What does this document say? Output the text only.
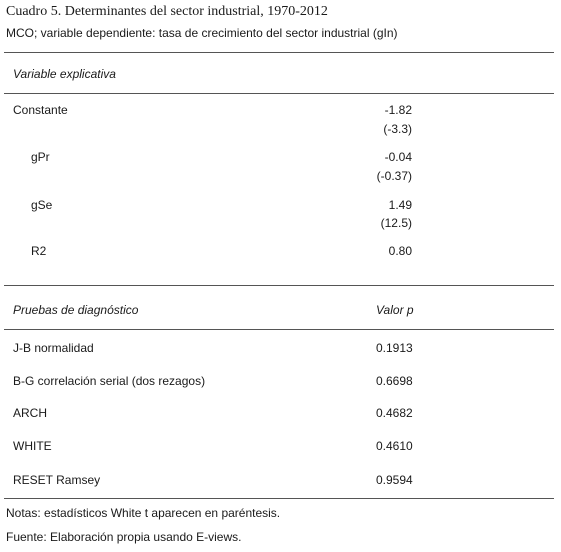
Cuadro 5. Determinantes del sector industrial, 1970-2012
MCO; variable dependiente: tasa de crecimiento del sector industrial (gIn)
Variable explicativa
Constante	-1.82
(-3.3)
gPr	-0.04
(-0.37)
gSe	1.49
(12.5)
R2	0.80
Pruebas de diagnóstico	Valor p
J-B normalidad	0.1913
B-G correlación serial (dos rezagos)	0.6698
ARCH	0.4682
WHITE	0.4610
RESET Ramsey	0.9594
Notas: estadísticos White t aparecen en paréntesis.
Fuente: Elaboración propia usando E-views.
